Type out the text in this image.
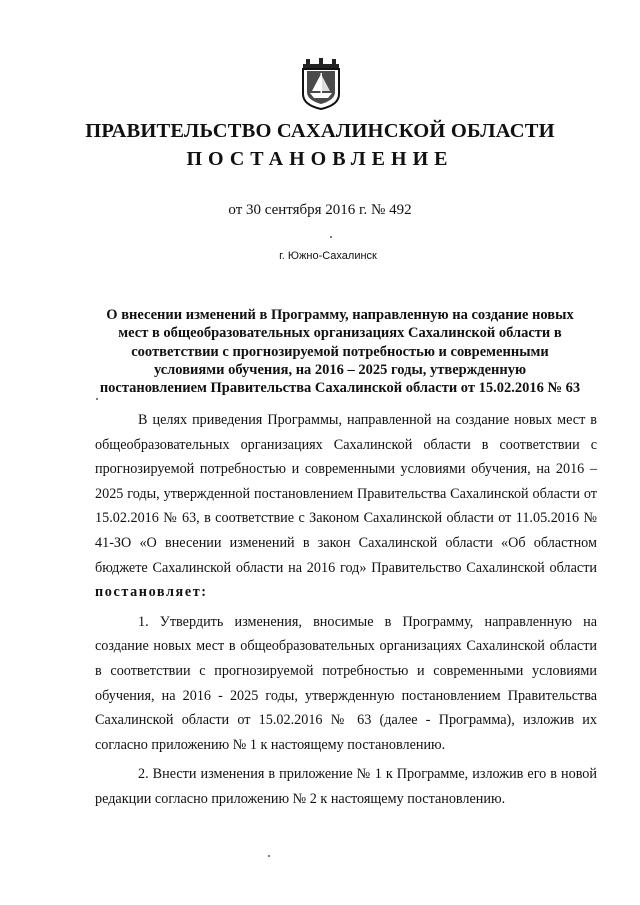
ПРАВИТЕЛЬСТВО САХАЛИНСКОЙ ОБЛАСТИ
ПОСТАНОВЛЕНИЕ
от 30 сентября 2016 г. № 492
г. Южно-Сахалинск
О внесении изменений в Программу, направленную на создание новых
мест в общеобразовательных организациях Сахалинской области в
соответствии с прогнозируемой потребностью и современными
условиями обучения, на 2016 – 2025 годы, утвержденную
постановлением Правительства Сахалинской области от 15.02.2016 № 63

В целях приведения Программы, направленной на создание новых мест в общеобразовательных организациях Сахалинской области в соответствии с прогнозируемой потребностью и современными условиями обучения, на 2016 – 2025 годы, утвержденной постановлением Правительства Сахалинской области от 15.02.2016 № 63, в соответствие с Законом Сахалинской области от 11.05.2016 № 41-ЗО «О внесении изменений в закон Сахалинской области «Об областном бюджете Сахалинской области на 2016 год» Правительство Сахалинской области постановляет:

1. Утвердить изменения, вносимые в Программу, направленную на создание новых мест в общеобразовательных организациях Сахалинской области в соответствии с прогнозируемой потребностью и современными условиями обучения, на 2016 - 2025 годы, утвержденную постановлением Правительства Сахалинской области от 15.02.2016 № 63 (далее - Программа), изложив их согласно приложению № 1 к настоящему постановлению.

2. Внести изменения в приложение № 1 к Программе, изложив его в новой редакции согласно приложению № 2 к настоящему постановлению.
